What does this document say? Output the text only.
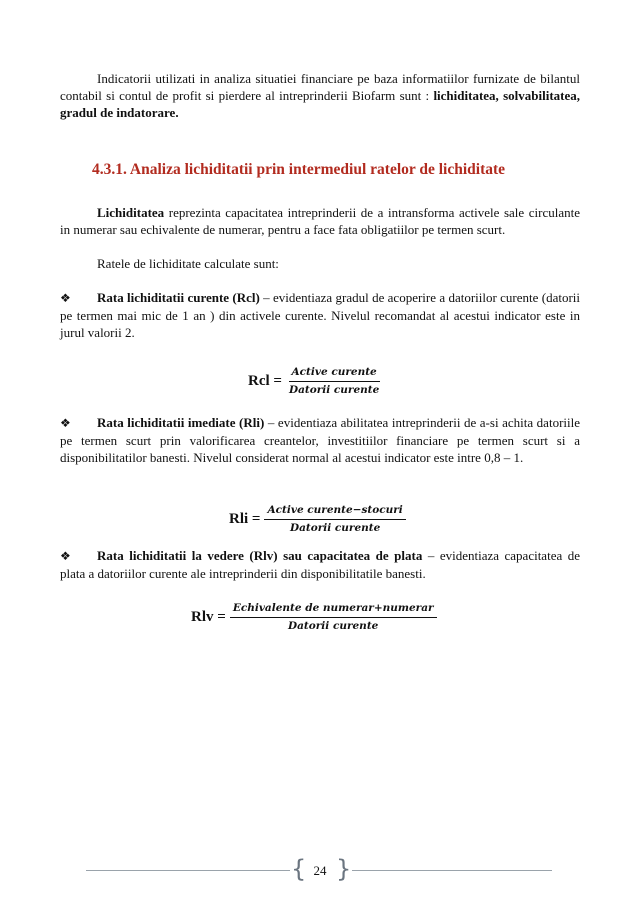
Indicatorii utilizati in analiza situatiei financiare pe baza informatiilor furnizate de bilantul contabil si contul de profit si pierdere al intreprinderii Biofarm sunt : lichiditatea, solvabilitatea, gradul de indatorare.

4.3.1. Analiza lichiditatii prin intermediul ratelor de lichiditate

Lichiditatea reprezinta capacitatea intreprinderii de a intransforma activele sale circulante in numerar sau echivalente de numerar, pentru a face fata obligatiilor pe termen scurt.

Ratele de lichiditate calculate sunt:

❖ Rata lichiditatii curente (Rcl) – evidentiaza gradul de acoperire a datoriilor curente (datorii pe termen mai mic de 1 an ) din activele curente. Nivelul recomandat al acestui indicator este in jurul valorii 2.

Rcl = $\frac{\text{Active curente}}{\text{Datorii curente}}$

❖ Rata lichiditatii imediate (Rli) – evidentiaza abilitatea intreprinderii de a-si achita datoriile pe termen scurt prin valorificarea creantelor, investitiilor financiare pe termen scurt si a disponibilitatilor banesti. Nivelul considerat normal al acestui indicator este intre 0,8 – 1.

Rli = $\frac{\text{Active curente−stocuri}}{\text{Datorii curente}}$

❖ Rata lichiditatii la vedere (Rlv) sau capacitatea de plata – evidentiaza capacitatea de plata a datoriilor curente ale intreprinderii din disponibilitatile banesti.

Rlv = $\frac{\text{Echivalente de numerar+numerar}}{\text{Datorii curente}}$
{ 24 }
